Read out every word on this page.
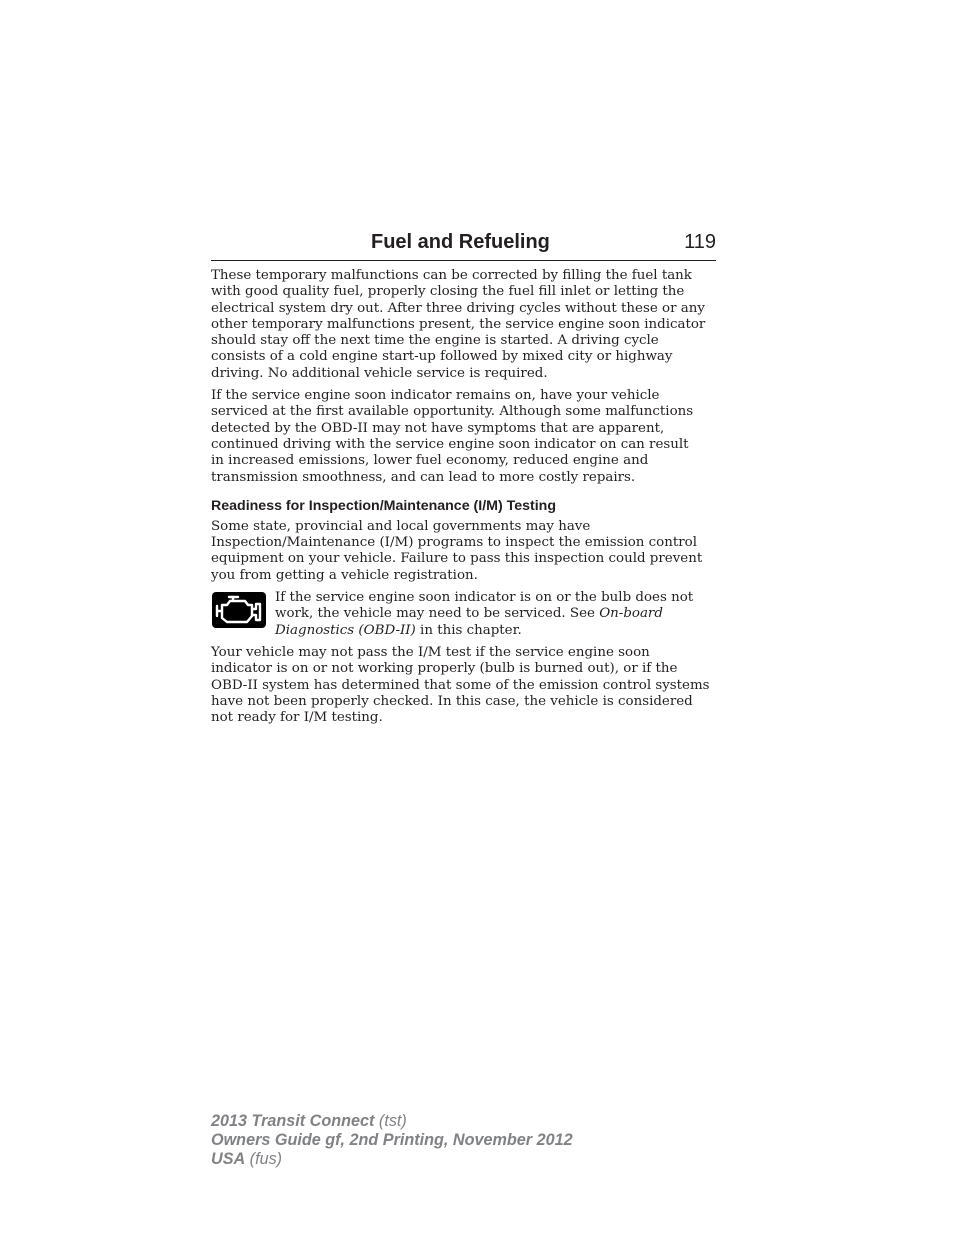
Fuel and Refueling	119

These temporary malfunctions can be corrected by filling the fuel tank
with good quality fuel, properly closing the fuel fill inlet or letting the
electrical system dry out. After three driving cycles without these or any
other temporary malfunctions present, the service engine soon indicator
should stay off the next time the engine is started. A driving cycle
consists of a cold engine start-up followed by mixed city or highway
driving. No additional vehicle service is required.

If the service engine soon indicator remains on, have your vehicle
serviced at the first available opportunity. Although some malfunctions
detected by the OBD-II may not have symptoms that are apparent,
continued driving with the service engine soon indicator on can result
in increased emissions, lower fuel economy, reduced engine and
transmission smoothness, and can lead to more costly repairs.

Readiness for Inspection/Maintenance (I/M) Testing

Some state, provincial and local governments may have
Inspection/Maintenance (I/M) programs to inspect the emission control
equipment on your vehicle. Failure to pass this inspection could prevent
you from getting a vehicle registration.

If the service engine soon indicator is on or the bulb does not
work, the vehicle may need to be serviced. See On-board
Diagnostics (OBD-II) in this chapter.

Your vehicle may not pass the I/M test if the service engine soon
indicator is on or not working properly (bulb is burned out), or if the
OBD-II system has determined that some of the emission control systems
have not been properly checked. In this case, the vehicle is considered
not ready for I/M testing.

2013 Transit Connect (tst)
Owners Guide gf, 2nd Printing, November 2012
USA (fus)
